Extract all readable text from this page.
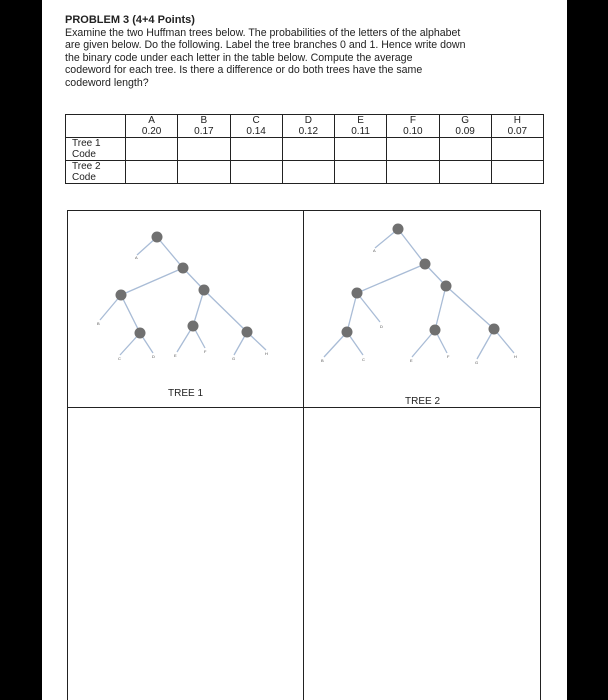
PROBLEM 3 (4+4 Points)
Examine the two Huffman trees below. The probabilities of the letters of the alphabet
are given below. Do the following. Label the tree branches 0 and 1. Hence write down
the binary code under each letter in the table below. Compute the average
codeword for each tree. Is there a difference or do both trees have the same
codeword length?
	A	B	C	D	E	F	G	H
	0.20	0.17	0.14	0.12	0.11	0.10	0.09	0.07

Tree 1
Code								

Tree 2
Code								

A
B
C	D	E
F
G
H
A
B	C
D
E
F
G
H
TREE 1
TREE 2
